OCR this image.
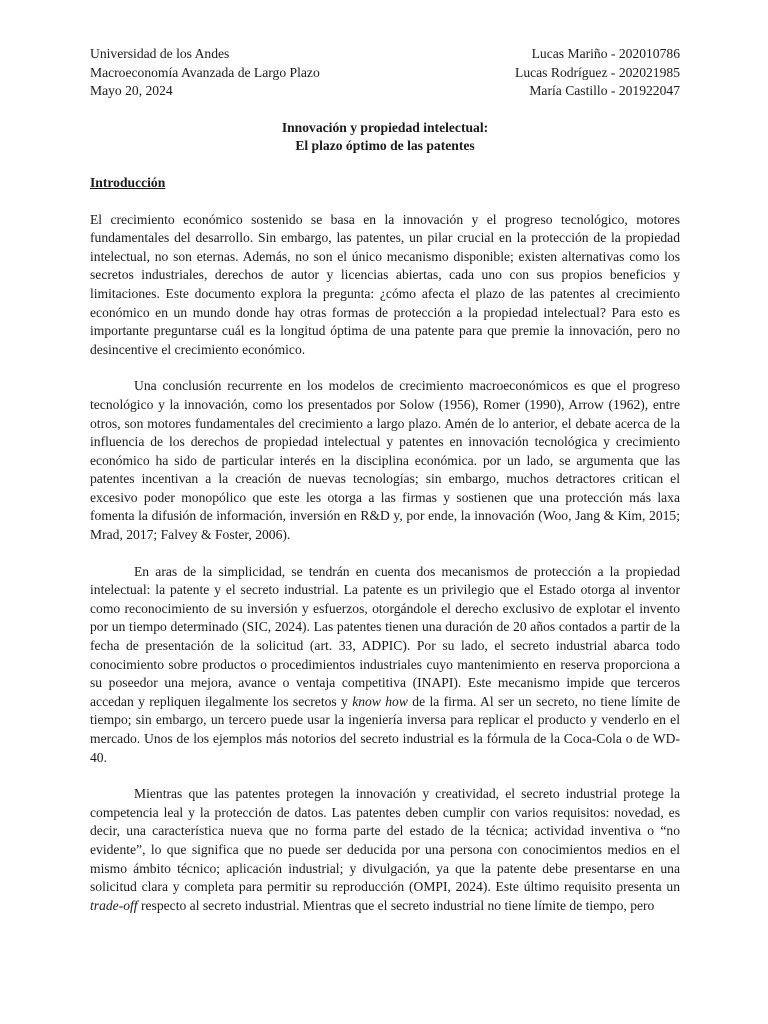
Universidad de los Andes
Macroeconomía Avanzada de Largo Plazo
Mayo 20, 2024
Lucas Mariño - 202010786
Lucas Rodríguez - 202021985
María Castillo - 201922047
Innovación y propiedad intelectual:
El plazo óptimo de las patentes
Introducción

El crecimiento económico sostenido se basa en la innovación y el progreso tecnológico, motores fundamentales del desarrollo. Sin embargo, las patentes, un pilar crucial en la protección de la propiedad intelectual, no son eternas. Además, no son el único mecanismo disponible; existen alternativas como los secretos industriales, derechos de autor y licencias abiertas, cada uno con sus propios beneficios y limitaciones. Este documento explora la pregunta: ¿cómo afecta el plazo de las patentes al crecimiento económico en un mundo donde hay otras formas de protección a la propiedad intelectual? Para esto es importante preguntarse cuál es la longitud óptima de una patente para que premie la innovación, pero no desincentive el crecimiento económico.

Una conclusión recurrente en los modelos de crecimiento macroeconómicos es que el progreso tecnológico y la innovación, como los presentados por Solow (1956), Romer (1990), Arrow (1962), entre otros, son motores fundamentales del crecimiento a largo plazo. Amén de lo anterior, el debate acerca de la influencia de los derechos de propiedad intelectual y patentes en innovación tecnológica y crecimiento económico ha sido de particular interés en la disciplina económica. por un lado, se argumenta que las patentes incentivan a la creación de nuevas tecnologías; sin embargo, muchos detractores critican el excesivo poder monopólico que este les otorga a las firmas y sostienen que una protección más laxa fomenta la difusión de información, inversión en R&D y, por ende, la innovación (Woo, Jang & Kim, 2015; Mrad, 2017; Falvey & Foster, 2006).

En aras de la simplicidad, se tendrán en cuenta dos mecanismos de protección a la propiedad intelectual: la patente y el secreto industrial. La patente es un privilegio que el Estado otorga al inventor como reconocimiento de su inversión y esfuerzos, otorgándole el derecho exclusivo de explotar el invento por un tiempo determinado (SIC, 2024). Las patentes tienen una duración de 20 años contados a partir de la fecha de presentación de la solicitud (art. 33, ADPIC). Por su lado, el secreto industrial abarca todo conocimiento sobre productos o procedimientos industriales cuyo mantenimiento en reserva proporciona a su poseedor una mejora, avance o ventaja competitiva (INAPI). Este mecanismo impide que terceros accedan y repliquen ilegalmente los secretos y know how de la firma. Al ser un secreto, no tiene límite de tiempo; sin embargo, un tercero puede usar la ingeniería inversa para replicar el producto y venderlo en el mercado. Unos de los ejemplos más notorios del secreto industrial es la fórmula de la Coca-Cola o de WD-40.

Mientras que las patentes protegen la innovación y creatividad, el secreto industrial protege la competencia leal y la protección de datos. Las patentes deben cumplir con varios requisitos: novedad, es decir, una característica nueva que no forma parte del estado de la técnica; actividad inventiva o “no evidente”, lo que significa que no puede ser deducida por una persona con conocimientos medios en el mismo ámbito técnico; aplicación industrial; y divulgación, ya que la patente debe presentarse en una solicitud clara y completa para permitir su reproducción (OMPI, 2024). Este último requisito presenta un trade-off respecto al secreto industrial. Mientras que el secreto industrial no tiene límite de tiempo, pero
